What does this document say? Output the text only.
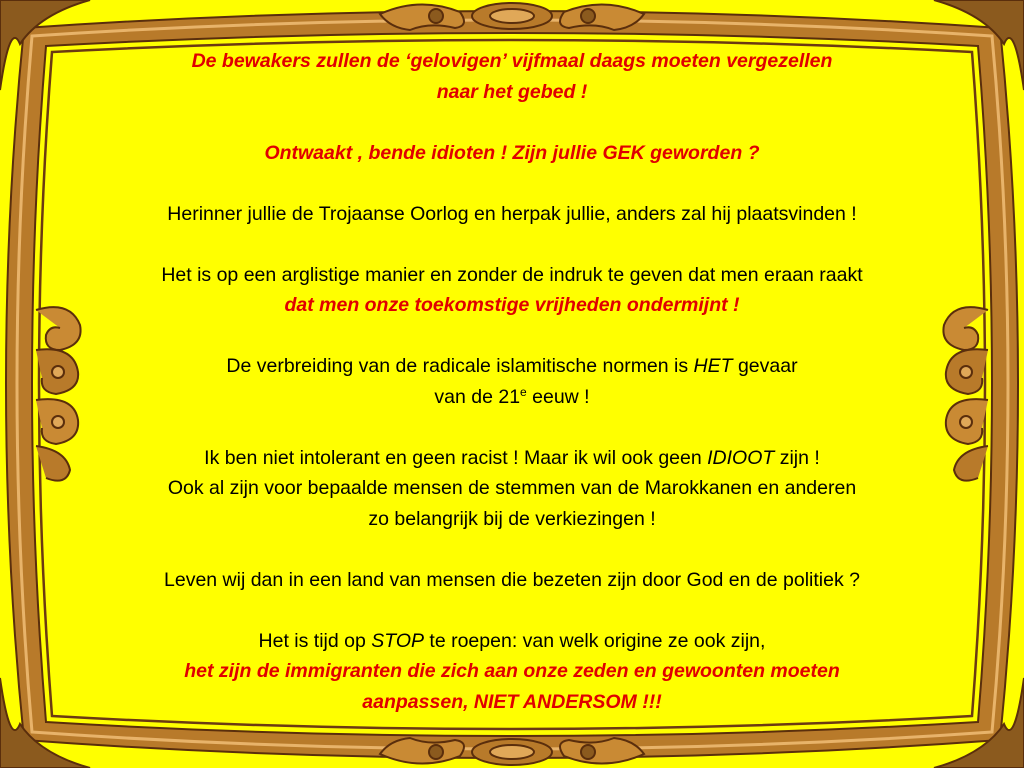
De bewakers zullen de ‘gelovigen’ vijfmaal daags moeten vergezellen

naar het gebed !

Ontwaakt , bende idioten ! Zijn jullie GEK geworden ?

Herinner jullie de Trojaanse Oorlog en herpak jullie, anders zal hij plaatsvinden !

Het is op een arglistige manier en zonder de indruk te geven dat men eraan raakt

dat men onze toekomstige vrijheden ondermijnt !

De verbreiding van de radicale islamitische normen is HET gevaar

van de 21e eeuw !

Ik ben niet intolerant en geen racist ! Maar ik wil ook geen IDIOOT zijn !

Ook al zijn voor bepaalde mensen de stemmen van de Marokkanen en anderen

zo belangrijk bij de verkiezingen !

Leven wij dan in een land van mensen die bezeten zijn door God en de politiek ?

Het is tijd op STOP te roepen: van welk origine ze ook zijn,

het zijn de immigranten die zich aan onze zeden en gewoonten moeten

aanpassen, NIET ANDERSOM !!!
